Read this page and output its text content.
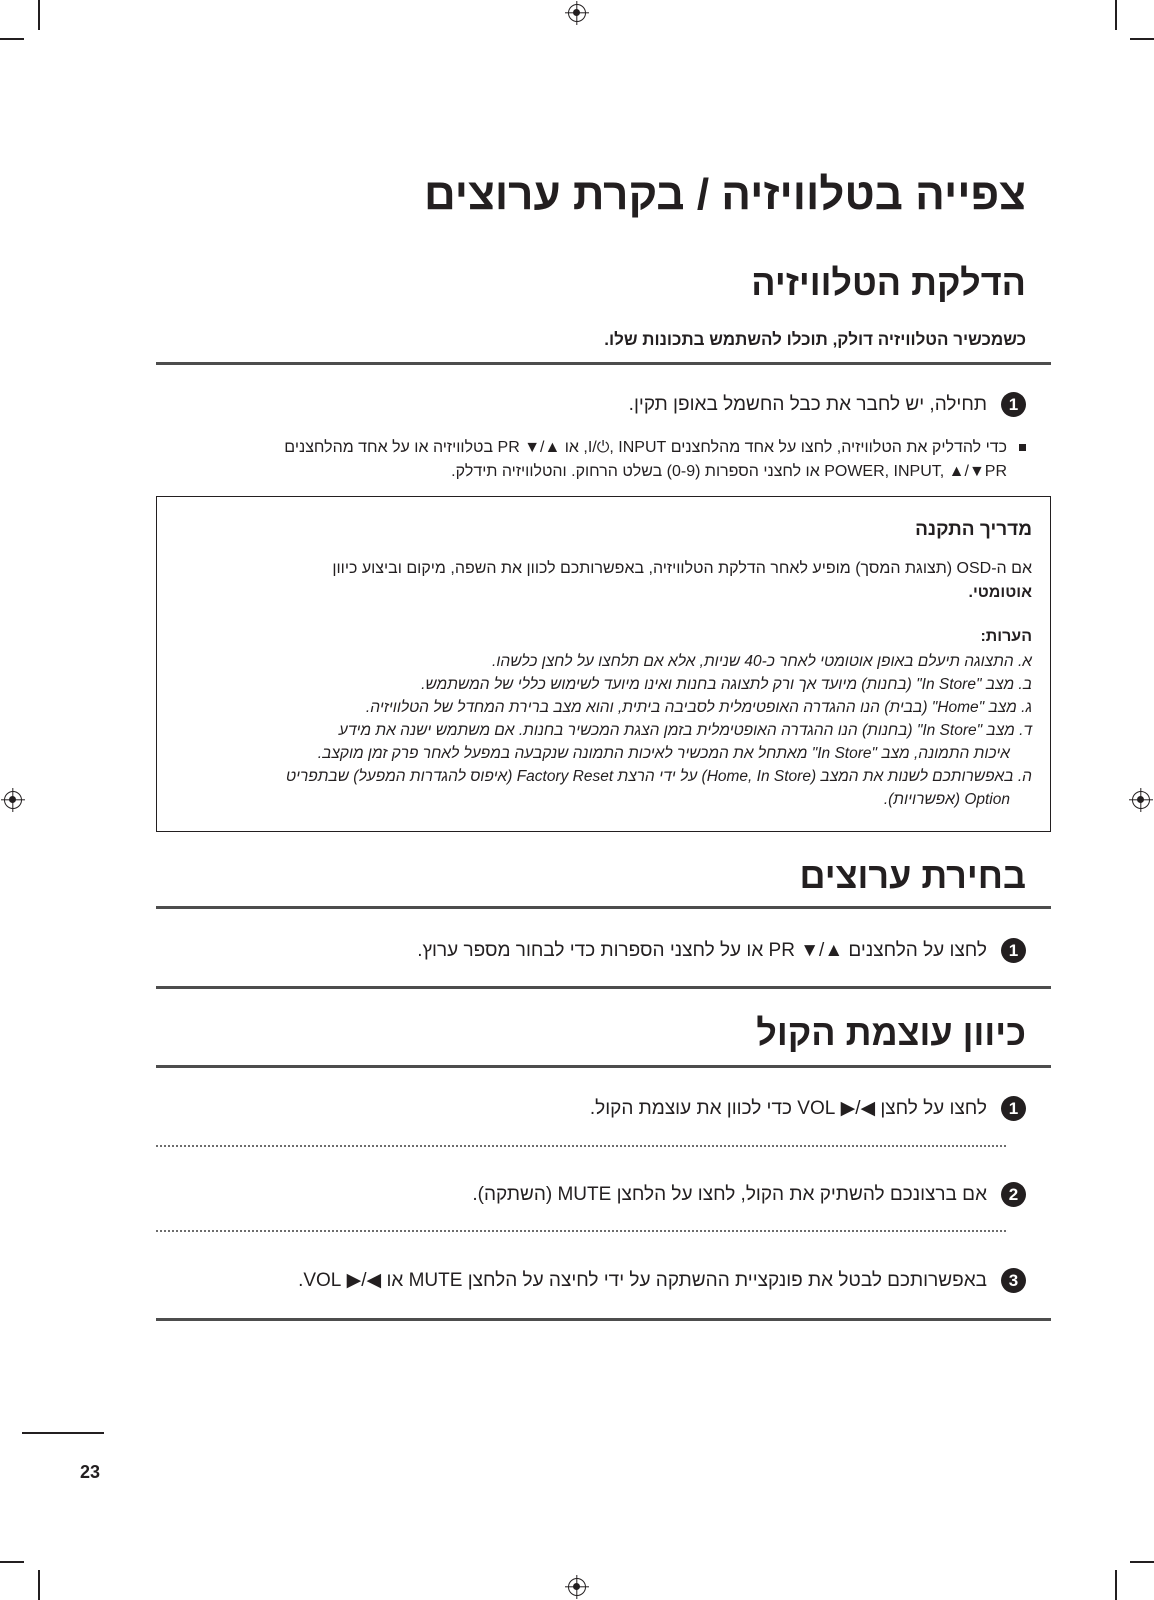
צפייה בטלוויזיה / בקרת ערוצים
הדלקת הטלוויזיה
כשמכשיר הטלוויזיה דולק, תוכלו להשתמש בתכונות שלו.
1
תחילה, יש לחבר את כבל החשמל באופן תקין.
כדי להדליק את הטלוויזיה, לחצו על אחד מהלחצנים I/⏻, INPUT, או ▲/▼ PR בטלוויזיה או על אחד מהלחצנים
POWER, INPUT, ▲/▼PR או לחצני הספרות (0-9) בשלט הרחוק. והטלוויזיה תידלק.
מדריך התקנה
אם ה-OSD (תצוגת המסך) מופיע לאחר הדלקת הטלוויזיה, באפשרותכם לכוון את השפה, מיקום וביצוע כיוון
אוטומטי.
הערות:
א. התצוגה תיעלם באופן אוטומטי לאחר כ-40 שניות, אלא אם תלחצו על לחצן כלשהו.
ב. מצב "In Store" (בחנות) מיועד אך ורק לתצוגה בחנות ואינו מיועד לשימוש כללי של המשתמש.
ג. מצב "Home" (בבית) הנו ההגדרה האופטימלית לסביבה ביתית, והוא מצב ברירת המחדל של הטלוויזיה.
ד. מצב "In Store" (בחנות) הנו ההגדרה האופטימלית בזמן הצגת המכשיר בחנות. אם משתמש ישנה את מידע
איכות התמונה, מצב "In Store" מאתחל את המכשיר לאיכות התמונה שנקבעה במפעל לאחר פרק זמן מוקצב.
ה. באפשרותכם לשנות את המצב (Home, In Store) על ידי הרצת Factory Reset (איפוס להגדרות המפעל) שבתפריט
Option (אפשרויות).
בחירת ערוצים
1
לחצו על הלחצנים ▲/▼ PR או על לחצני הספרות כדי לבחור מספר ערוץ.
כיוון עוצמת הקול
1
לחצו על לחצן ◀/▶ VOL כדי לכוון את עוצמת הקול.
2
אם ברצונכם להשתיק את הקול, לחצו על הלחצן MUTE (השתקה).
3
באפשרותכם לבטל את פונקציית ההשתקה על ידי לחיצה על הלחצן MUTE או ◀/▶ VOL.
23
